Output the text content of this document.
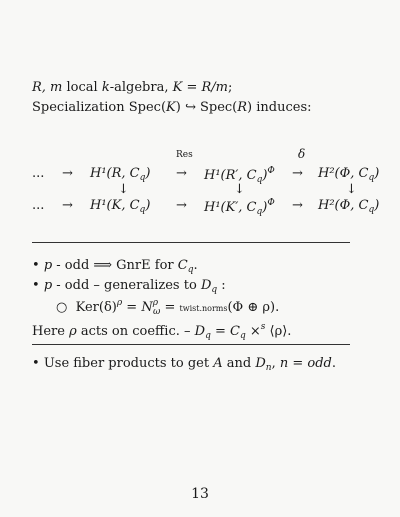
R, m local k-algebra, K = R/m;
Specialization Spec(K) ↪ Spec(R) induces:
Res	δ
... → H¹(R, $C_q) \to H^1(R'$, $C_q)^\Phi \to H^2(\Phi$, $C_q$)
↓	↓	↓
... → H¹(K, $C_q) \to H^1(K'$, $C_q)^\Phi \to H^2(\Phi$, $C_q$)
• p - odd ⟹ GnrE for $C_q$.
• p - odd – generalizes to $D_q$ :
○ $Ker(\delta)^\rho = N^\rho_\omega$ = twist.norms(Φ ⊕ ρ).
Here ρ acts on coeffic. – $D_q = C_q \times^s$ ⟨ρ⟩.
• Use fiber products to get A and $D_n$, n = odd.
13
